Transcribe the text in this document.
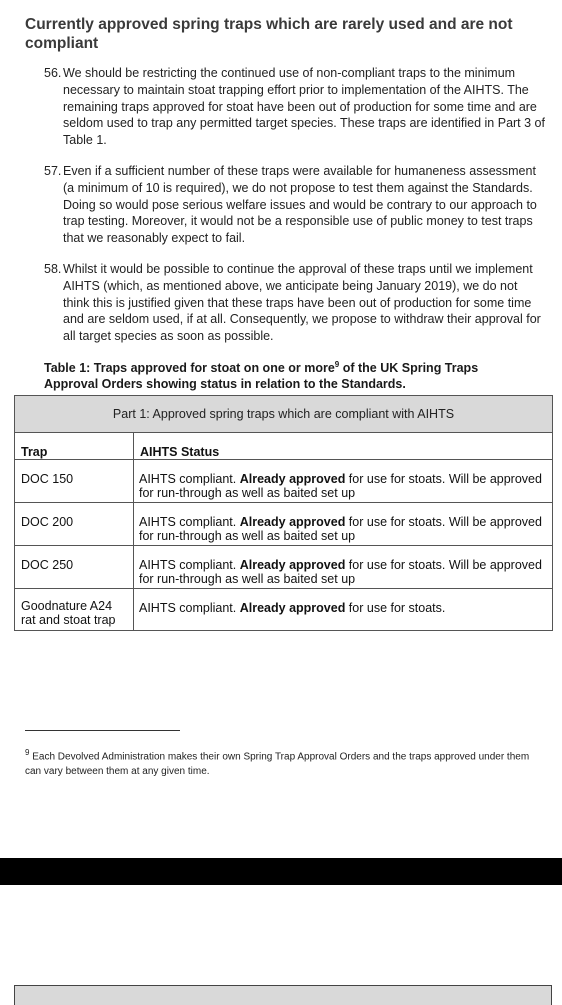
Currently approved spring traps which are rarely used and are not compliant
56. We should be restricting the continued use of non-compliant traps to the minimum necessary to maintain stoat trapping effort prior to implementation of the AIHTS. The remaining traps approved for stoat have been out of production for some time and are seldom used to trap any permitted target species. These traps are identified in Part 3 of Table 1.
57. Even if a sufficient number of these traps were available for humaneness assessment (a minimum of 10 is required), we do not propose to test them against the Standards. Doing so would pose serious welfare issues and would be contrary to our approach to trap testing. Moreover, it would not be a responsible use of public money to test traps that we reasonably expect to fail.
58. Whilst it would be possible to continue the approval of these traps until we implement AIHTS (which, as mentioned above, we anticipate being January 2019), we do not think this is justified given that these traps have been out of production for some time and are seldom used, if at all. Consequently, we propose to withdraw their approval for all target species as soon as possible.
Table 1: Traps approved for stoat on one or more$^9$ of the UK Spring Traps Approval Orders showing status in relation to the Standards.
Part 1: Approved spring traps which are compliant with AIHTS	
Trap	AIHTS Status
DOC 150	AIHTS compliant. Already approved for use for stoats. Will be approved for run-through as well as baited set up
DOC 200	AIHTS compliant. Already approved for use for stoats. Will be approved for run-through as well as baited set up
DOC 250	AIHTS compliant. Already approved for use for stoats. Will be approved for run-through as well as baited set up
Goodnature A24 rat and stoat trap	AIHTS compliant. Already approved for use for stoats.
$^9$ Each Devolved Administration makes their own Spring Trap Approval Orders and the traps approved under them can vary between them at any given time.
